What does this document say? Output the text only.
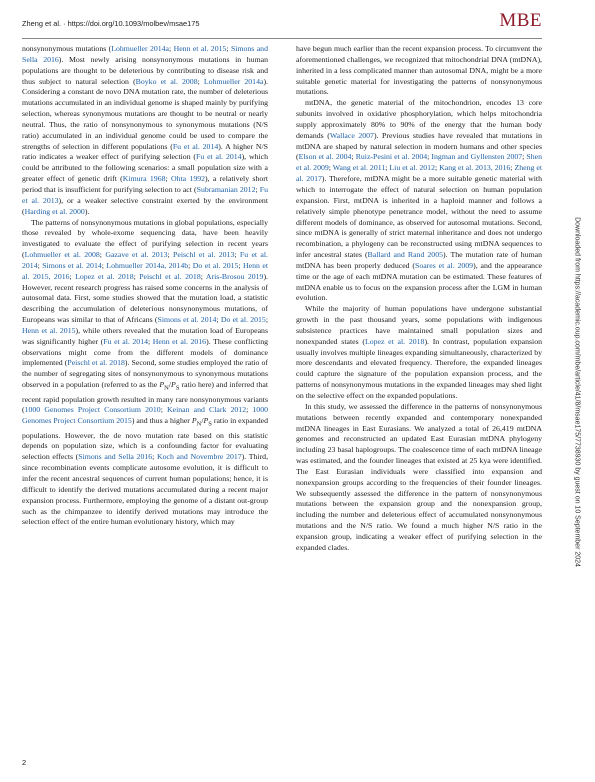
Zheng et al. · https://doi.org/10.1093/molbev/msae175	MBE

nonsynonymous mutations (Lohmueller 2014a; Henn et al. 2015; Simons and Sella 2016). Most newly arising nonsynonymous mutations in human populations are thought to be deleterious by contributing to disease risk and thus subject to natural selection (Boyko et al. 2008; Lohmueller 2014a). Considering a constant de novo DNA mutation rate, the number of deleterious mutations accumulated in an individual genome is shaped mainly by purifying selection, whereas synonymous mutations are thought to be neutral or nearly neutral. Thus, the ratio of nonsynonymous to synonymous mutations (N/S ratio) accumulated in an individual genome could be used to compare the strengths of selection in different populations (Fu et al. 2014). A higher N/S ratio indicates a weaker effect of purifying selection (Fu et al. 2014), which could be attributed to the following scenarios: a small population size with a greater effect of genetic drift (Kimura 1968; Ohta 1992), a relatively short period that is insufficient for purifying selection to act (Subramanian 2012; Fu et al. 2013), or a weaker selective constraint exerted by the environment (Harding et al. 2000).

The patterns of nonsynonymous mutations in global populations, especially those revealed by whole-exome sequencing data, have been heavily investigated to evaluate the effect of purifying selection in recent years (Lohmueller et al. 2008; Gazave et al. 2013; Peischl et al. 2013; Fu et al. 2014; Simons et al. 2014; Lohmueller 2014a, 2014b; Do et al. 2015; Henn et al. 2015, 2016; Lopez et al. 2018; Peischl et al. 2018; Aris-Brosou 2019). However, recent research progress has raised some concerns in the analysis of autosomal data. First, some studies showed that the mutation load, a statistic describing the accumulation of deleterious nonsynonymous mutations, of Europeans was similar to that of Africans (Simons et al. 2014; Do et al. 2015; Henn et al. 2015), while others revealed that the mutation load of Europeans was significantly higher (Fu et al. 2014; Henn et al. 2016). These conflicting observations might come from the different models of dominance implemented (Peischl et al. 2018). Second, some studies employed the ratio of the number of segregating sites of nonsynonymous to synonymous mutations observed in a population (referred to as the $P_N/P_S$ ratio here) and inferred that recent rapid population growth resulted in many rare nonsynonymous variants (1000 Genomes Project Consortium 2010; Keinan and Clark 2012; 1000 Genomes Project Consortium 2015) and thus a higher $P_N/P_S$ ratio in expanded populations. However, the de novo mutation rate based on this statistic depends on population size, which is a confounding factor for evaluating selection effects (Simons and Sella 2016; Koch and Novembre 2017). Third, since recombination events complicate autosome evolution, it is difficult to infer the recent ancestral sequences of current human populations; hence, it is difficult to identify the derived mutations accumulated during a recent major expansion process. Furthermore, employing the genome of a distant out-group such as the chimpanzee to identify derived mutations may introduce the selection effect of the entire human evolutionary history, which may

have begun much earlier than the recent expansion process. To circumvent the aforementioned challenges, we recognized that mitochondrial DNA (mtDNA), inherited in a less complicated manner than autosomal DNA, might be a more suitable genetic material for investigating the patterns of nonsynonymous mutations.

mtDNA, the genetic material of the mitochondrion, encodes 13 core subunits involved in oxidative phosphorylation, which helps mitochondria supply approximately 80% to 90% of the energy that the human body demands (Wallace 2007). Previous studies have revealed that mutations in mtDNA are shaped by natural selection in modern humans and other species (Elson et al. 2004; Ruiz-Pesini et al. 2004; Ingman and Gyllensten 2007; Shen et al. 2009; Wang et al. 2011; Liu et al. 2012; Kang et al. 2013, 2016; Zheng et al. 2017). Therefore, mtDNA might be a more suitable genetic material with which to interrogate the effect of natural selection on human population expansion. First, mtDNA is inherited in a haploid manner and follows a relatively simple phenotype penetrance model, without the need to assume different models of dominance, as observed for autosomal mutations. Second, since mtDNA is generally of strict maternal inheritance and does not undergo recombination, a phylogeny can be reconstructed using mtDNA sequences to infer ancestral states (Ballard and Rand 2005). The mutation rate of human mtDNA has been properly deduced (Soares et al. 2009), and the appearance time or the age of each mtDNA mutation can be estimated. These features of mtDNA enable us to focus on the expansion process after the LGM in human evolution.

While the majority of human populations have undergone substantial growth in the past thousand years, some populations with indigenous subsistence practices have maintained small population sizes and nonexpanded states (Lopez et al. 2018). In contrast, population expansion usually involves multiple lineages expanding simultaneously, characterized by more descendants and elevated frequency. Therefore, the expanded lineages could capture the signature of the population expansion process, and the patterns of nonsynonymous mutations in the expanded lineages may shed light on the selective effect on the expanded populations.

In this study, we assessed the difference in the patterns of nonsynonymous mutations between recently expanded and contemporary nonexpanded mtDNA lineages in East Eurasians. We analyzed a total of 26,419 mtDNA genomes and reconstructed an updated East Eurasian mtDNA phylogeny including 23 basal haplogroups. The coalescence time of each mtDNA lineage was estimated, and the founder lineages that existed at 25 kya were identified. The East Eurasian individuals were classified into expansion and nonexpansion groups according to the frequencies of their founder lineages. We subsequently assessed the difference in the pattern of nonsynonymous mutations between the expansion group and the nonexpansion group, including the number and deleterious effect of accumulated nonsynonymous mutations and the N/S ratio. We found a much higher N/S ratio in the expansion group, indicating a weaker effect of purifying selection in the expanded clades.

2
Downloaded from https://academic.oup.com/mbe/article/41/8/msae175/7738930 by guest on 10 September 2024
